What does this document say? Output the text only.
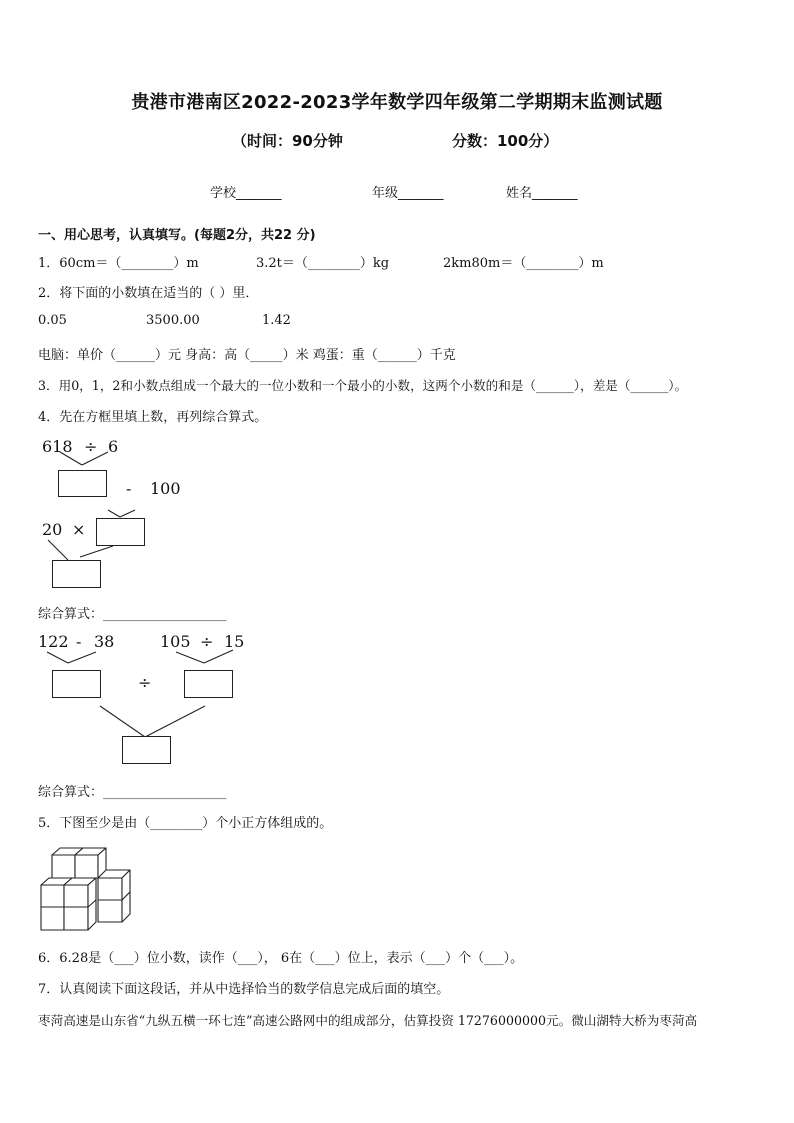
贵港市港南区2022-2023学年数学四年级第二学期期末监测试题
（时间：90分钟	分数：100分）
学校_______	年级_______	姓名_______
一、用心思考，认真填写。(每题2分，共22 分)
1．60cm＝（________）m	3.2t＝（________）kg	2km80m＝（________）m
2．将下面的小数填在适当的（ ）里．
0.05	3500.00	1.42
电脑：单价（______）元 身高：高（_____）米 鸡蛋：重（______）千克
3．用0，1，2和小数点组成一个最大的一位小数和一个最小的小数，这两个小数的和是（______），差是（______）。
4．先在方框里填上数，再列综合算式。
618 ÷ 6
- 100
20 ×
综合算式：___________________
122 - 38	105 ÷ 15
÷
综合算式：___________________
5．下图至少是由（________）个小正方体组成的。
6．6.28是（___）位小数，读作（___）， 6在（___）位上，表示（___）个（___）。
7．认真阅读下面这段话，并从中选择恰当的数学信息完成后面的填空。
枣菏高速是山东省“九纵五横一环七连”高速公路网中的组成部分，估算投资 17276000000元。微山湖特大桥为枣菏高
